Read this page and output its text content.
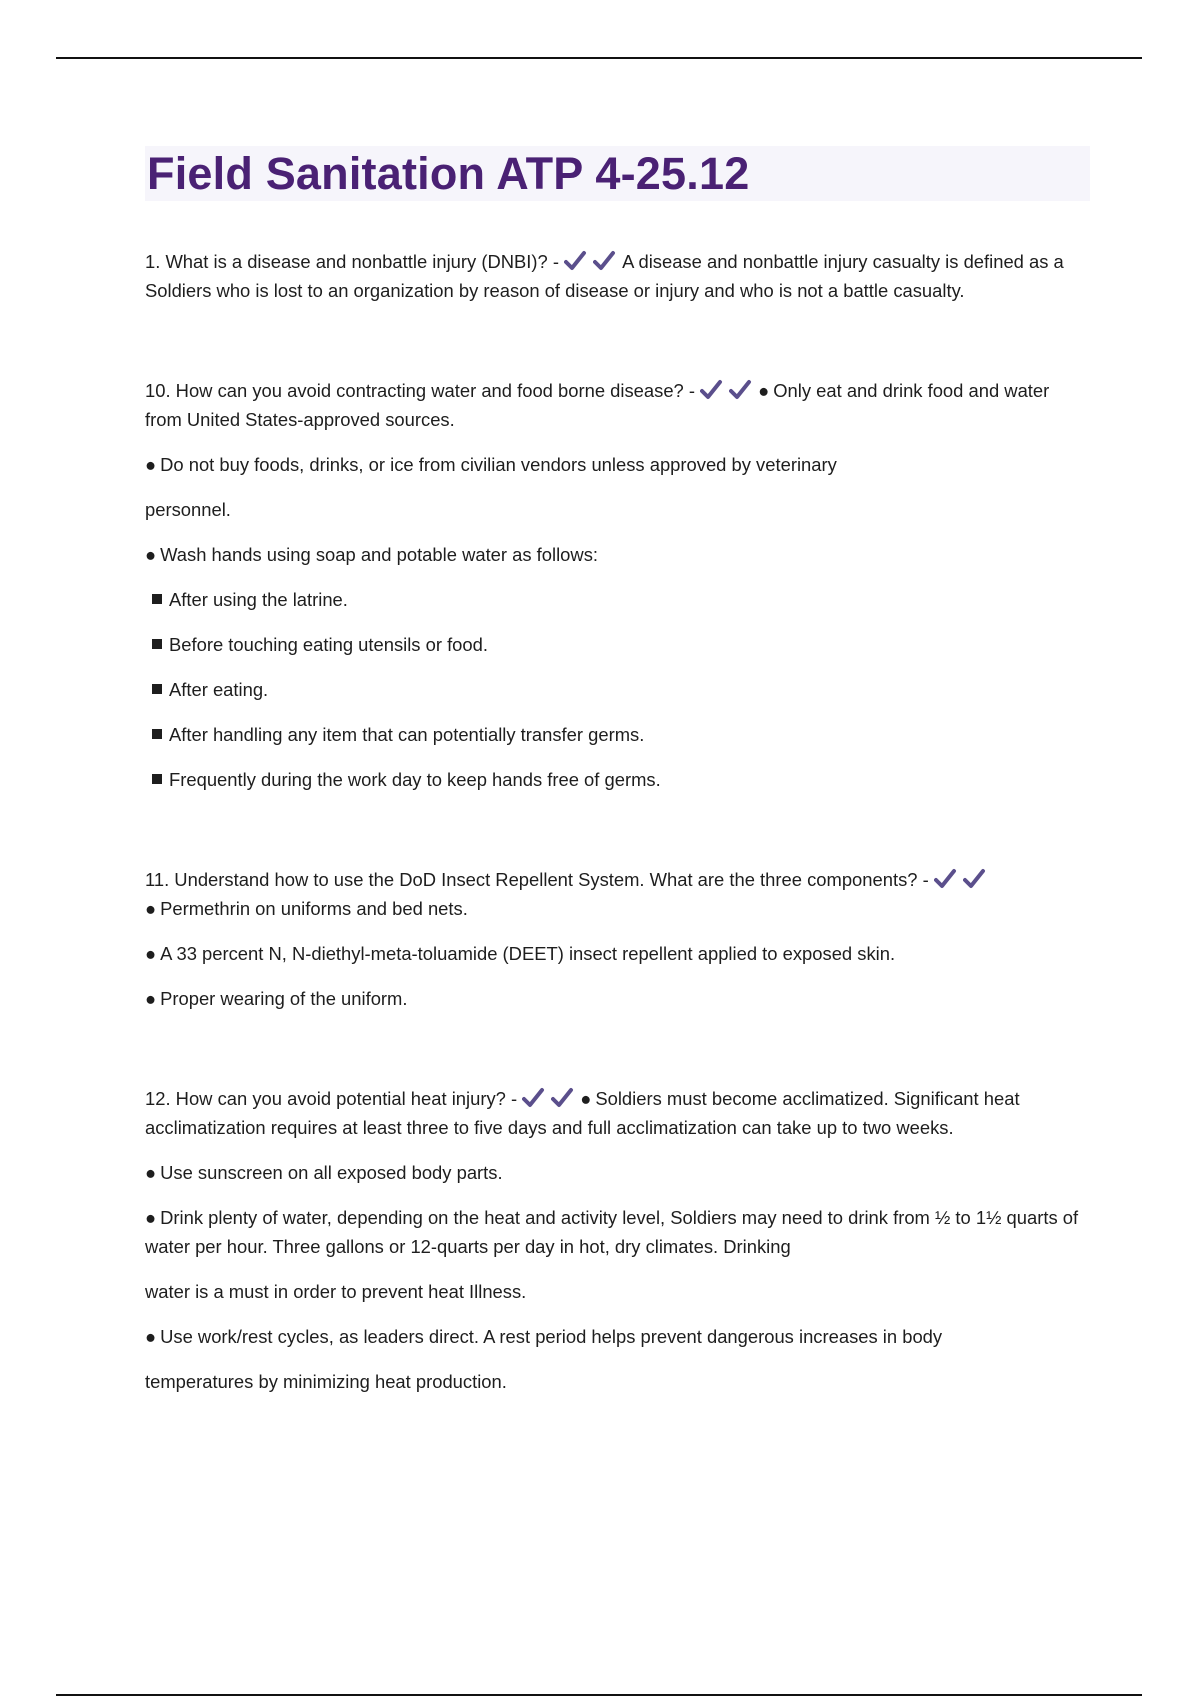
Field Sanitation ATP 4-25.12

1. What is a disease and nonbattle injury (DNBI)? -	A disease and nonbattle injury casualty is defined as a Soldiers who is lost to an organization by reason of disease or injury and who is not a battle casualty.

10. How can you avoid contracting water and food borne disease? -	● Only eat and drink food and water from United States-approved sources.

● Do not buy foods, drinks, or ice from civilian vendors unless approved by veterinary

personnel.

● Wash hands using soap and potable water as follows:

After using the latrine.

Before touching eating utensils or food.

After eating.

After handling any item that can potentially transfer germs.

Frequently during the work day to keep hands free of germs.

11. Understand how to use the DoD Insect Repellent System. What are the three components? -
● Permethrin on uniforms and bed nets.

● A 33 percent N, N-diethyl-meta-toluamide (DEET) insect repellent applied to exposed skin.

● Proper wearing of the uniform.

12. How can you avoid potential heat injury? -	● Soldiers must become acclimatized. Significant heat acclimatization requires at least three to five days and full acclimatization can take up to two weeks.

● Use sunscreen on all exposed body parts.

● Drink plenty of water, depending on the heat and activity level, Soldiers may need to drink from ½ to 1½ quarts of water per hour. Three gallons or 12-quarts per day in hot, dry climates. Drinking

water is a must in order to prevent heat Illness.

● Use work/rest cycles, as leaders direct. A rest period helps prevent dangerous increases in body

temperatures by minimizing heat production.
